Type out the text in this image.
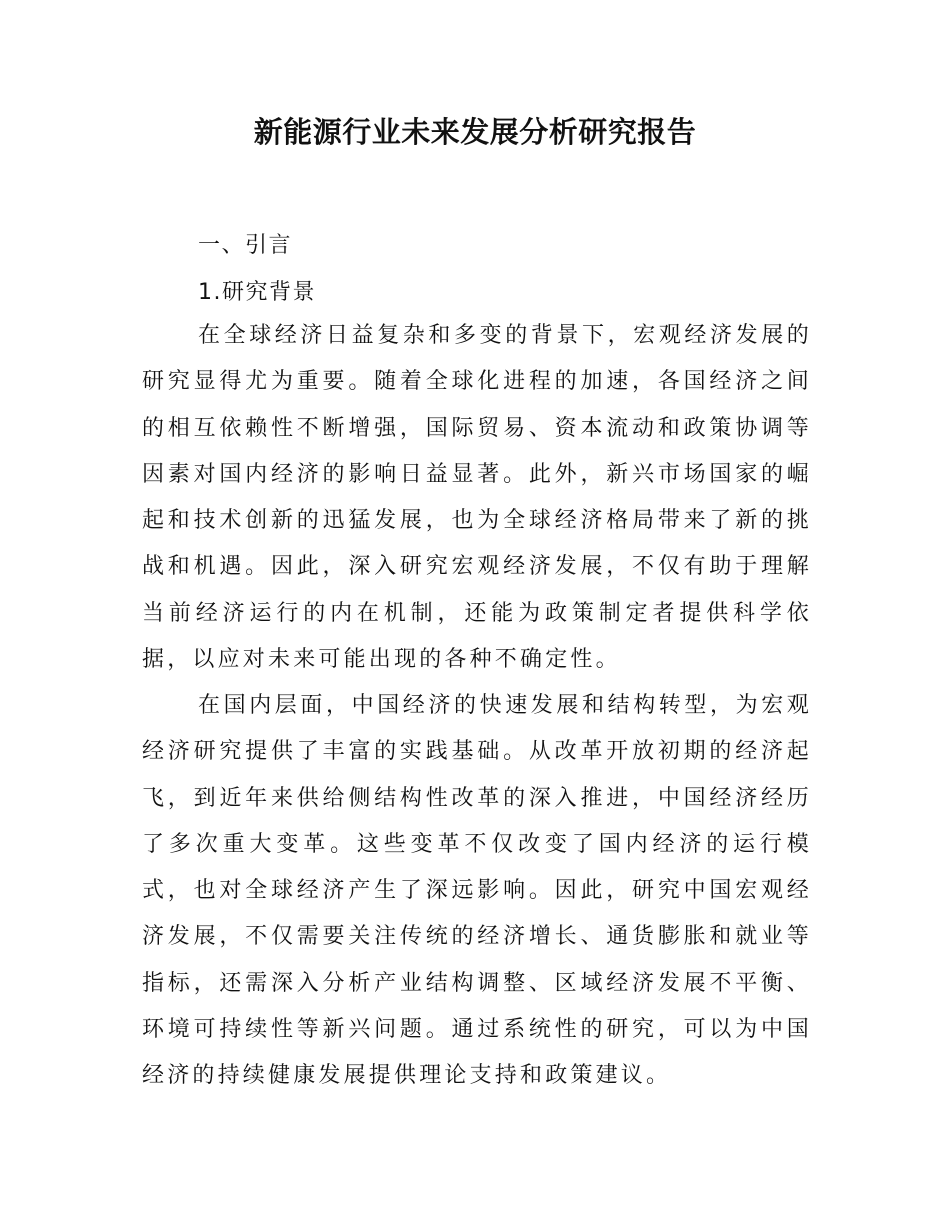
新能源行业未来发展分析研究报告
一、引言
1.研究背景

在全球经济日益复杂和多变的背景下，宏观经济发展的研究显得尤为重要。随着全球化进程的加速，各国经济之间的相互依赖性不断增强，国际贸易、资本流动和政策协调等因素对国内经济的影响日益显著。此外，新兴市场国家的崛起和技术创新的迅猛发展，也为全球经济格局带来了新的挑战和机遇。因此，深入研究宏观经济发展，不仅有助于理解当前经济运行的内在机制，还能为政策制定者提供科学依据，以应对未来可能出现的各种不确定性。

在国内层面，中国经济的快速发展和结构转型，为宏观经济研究提供了丰富的实践基础。从改革开放初期的经济起飞，到近年来供给侧结构性改革的深入推进，中国经济经历了多次重大变革。这些变革不仅改变了国内经济的运行模式，也对全球经济产生了深远影响。因此，研究中国宏观经济发展，不仅需要关注传统的经济增长、通货膨胀和就业等指标，还需深入分析产业结构调整、区域经济发展不平衡、环境可持续性等新兴问题。通过系统性的研究，可以为中国经济的持续健康发展提供理论支持和政策建议。
